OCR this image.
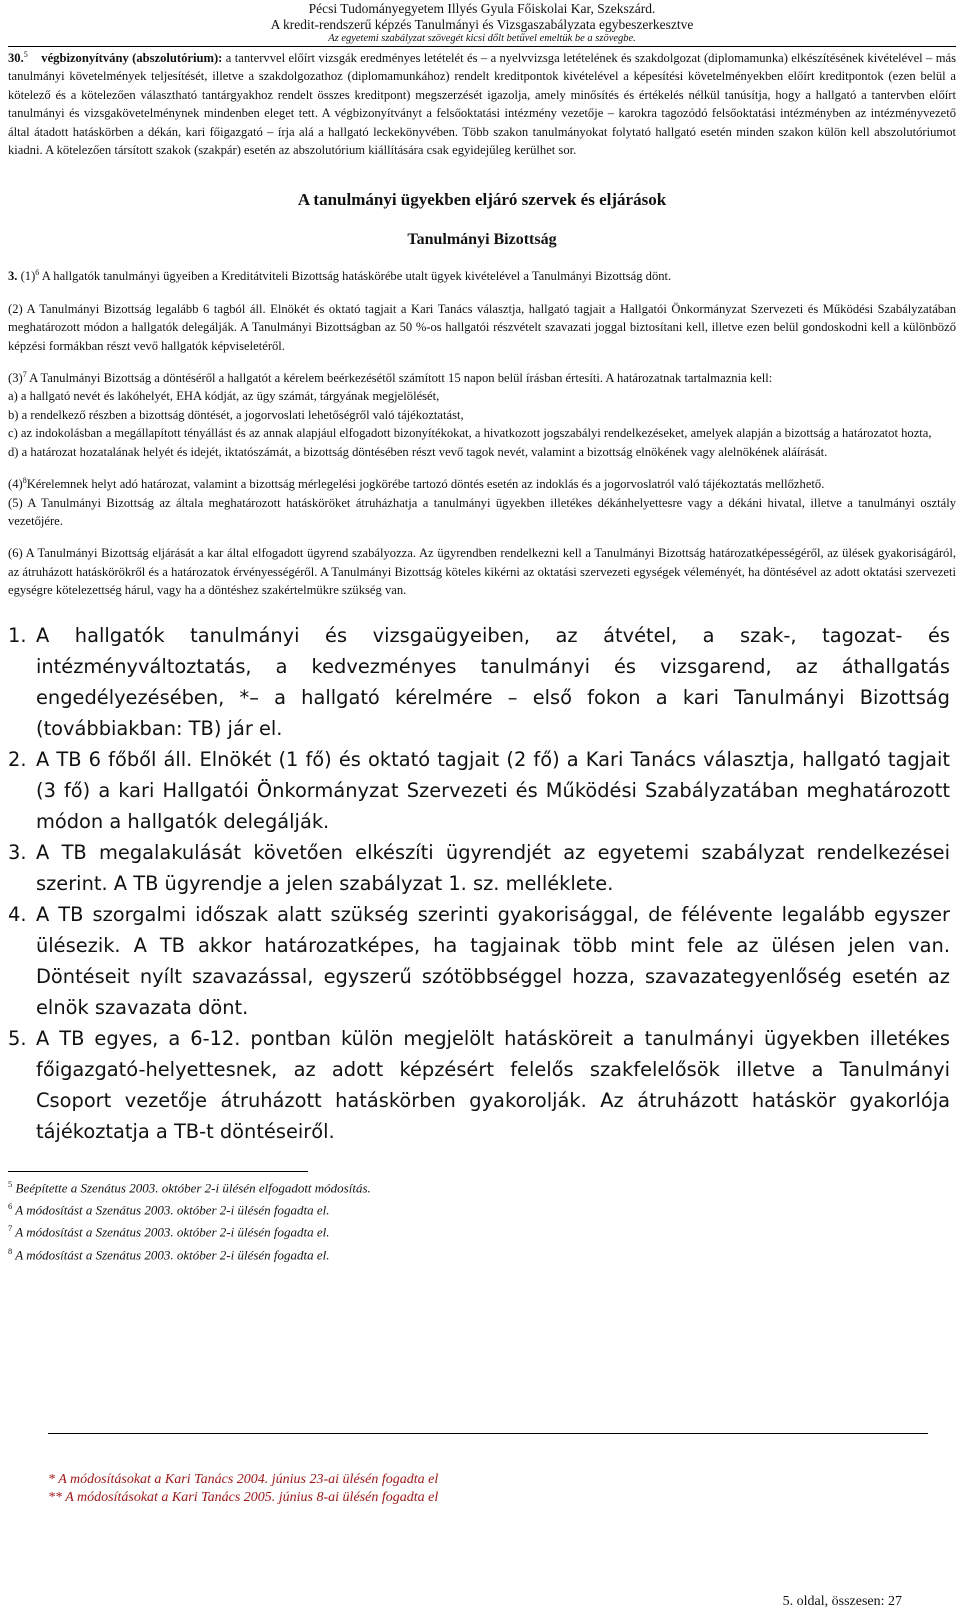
Pécsi Tudományegyetem Illyés Gyula Főiskolai Kar, Szekszárd.
A kredit-rendszerű képzés Tanulmányi és Vizsgaszabályzata egybeszerkesztve
Az egyetemi szabályzat szövegét kicsi dőlt betűvel emeltük be a szövegbe.

30.$^5$ végbizonyítvány (abszolutórium): a tantervvel előírt vizsgák eredményes letételét és – a nyelvvizsga letételének és szakdolgozat (diplomamunka) elkészítésének kivételével – más tanulmányi követelmények teljesítését, illetve a szakdolgozathoz (diplomamunkához) rendelt kreditpontok kivételével a képesítési követelményekben előírt kreditpontok (ezen belül a kötelező és a kötelezően választható tantárgyakhoz rendelt összes kreditpont) megszerzését igazolja, amely minősítés és értékelés nélkül tanúsítja, hogy a hallgató a tantervben előírt tanulmányi és vizsgakövetelménynek mindenben eleget tett. A végbizonyítványt a felsőoktatási intézmény vezetője – karokra tagozódó felsőoktatási intézményben az intézményvezető által átadott hatáskörben a dékán, kari főigazgató – írja alá a hallgató leckekönyvében. Több szakon tanulmányokat folytató hallgató esetén minden szakon külön kell abszolutóriumot kiadni. A kötelezően társított szakok (szakpár) esetén az abszolutórium kiállítására csak egyidejűleg kerülhet sor.

A tanulmányi ügyekben eljáró szervek és eljárások
Tanulmányi Bizottság

3. $(1)^6$ A hallgatók tanulmányi ügyeiben a Kreditátviteli Bizottság hatáskörébe utalt ügyek kivételével a Tanulmányi Bizottság dönt.

(2) A Tanulmányi Bizottság legalább 6 tagból áll. Elnökét és oktató tagjait a Kari Tanács választja, hallgató tagjait a Hallgatói Önkormányzat Szervezeti és Működési Szabályzatában meghatározott módon a hallgatók delegálják. A Tanulmányi Bizottságban az 50 %-os hallgatói részvételt szavazati joggal biztosítani kell, illetve ezen belül gondoskodni kell a különböző képzési formákban részt vevő hallgatók képviseletéről.

$(3)^7$ A Tanulmányi Bizottság a döntéséről a hallgatót a kérelem beérkezésétől számított 15 napon belül írásban értesíti. A határozatnak tartalmaznia kell:

a) a hallgató nevét és lakóhelyét, EHA kódját, az ügy számát, tárgyának megjelölését,

b) a rendelkező részben a bizottság döntését, a jogorvoslati lehetőségről való tájékoztatást,

c) az indokolásban a megállapított tényállást és az annak alapjául elfogadott bizonyítékokat, a hivatkozott jogszabályi rendelkezéseket, amelyek alapján a bizottság a határozatot hozta,

d) a határozat hozatalának helyét és idejét, iktatószámát, a bizottság döntésében részt vevő tagok nevét, valamint a bizottság elnökének vagy alelnökének aláírását.

$(4)^8Kérelemnek$ helyt adó határozat, valamint a bizottság mérlegelési jogkörébe tartozó döntés esetén az indoklás és a jogorvoslatról való tájékoztatás mellőzhető.

(5) A Tanulmányi Bizottság az általa meghatározott hatásköröket átruházhatja a tanulmányi ügyekben illetékes dékánhelyettesre vagy a dékáni hivatal, illetve a tanulmányi osztály vezetőjére.

(6) A Tanulmányi Bizottság eljárását a kar által elfogadott ügyrend szabályozza. Az ügyrendben rendelkezni kell a Tanulmányi Bizottság határozatképességéről, az ülések gyakoriságáról, az átruházott hatáskörökről és a határozatok érvényességéről. A Tanulmányi Bizottság köteles kikérni az oktatási szervezeti egységek véleményét, ha döntésével az adott oktatási szervezeti egységre kötelezettség hárul, vagy ha a döntéshez szakértelmükre szükség van.

1. A hallgatók tanulmányi és vizsgaügyeiben, az átvétel, a szak-, tagozat- és intézményváltoztatás, a kedvezményes tanulmányi és vizsgarend, az áthallgatás engedélyezésében, *– a hallgató kérelmére – első fokon a kari Tanulmányi Bizottság (továbbiakban: TB) jár el.
2. A TB 6 főből áll. Elnökét (1 fő) és oktató tagjait (2 fő) a Kari Tanács választja, hallgató tagjait (3 fő) a kari Hallgatói Önkormányzat Szervezeti és Működési Szabályzatában meghatározott módon a hallgatók delegálják.
3. A TB megalakulását követően elkészíti ügyrendjét az egyetemi szabályzat rendelkezései szerint. A TB ügyrendje a jelen szabályzat 1. sz. melléklete.
4. A TB szorgalmi időszak alatt szükség szerinti gyakorisággal, de félévente legalább egyszer ülésezik. A TB akkor határozatképes, ha tagjainak több mint fele az ülésen jelen van. Döntéseit nyílt szavazással, egyszerű szótöbbséggel hozza, szavazategyenlőség esetén az elnök szavazata dönt.
5. A TB egyes, a 6-12. pontban külön megjelölt hatásköreit a tanulmányi ügyekben illetékes főigazgató-helyettesnek, az adott képzésért felelős szakfelelősök illetve a Tanulmányi Csoport vezetője átruházott hatáskörben gyakorolják. Az átruházott hatáskör gyakorlója tájékoztatja a TB-t döntéseiről.
$^5$ Beépítette a Szenátus 2003. október 2-i ülésén elfogadott módosítás.
$^6$ A módosítást a Szenátus 2003. október 2-i ülésén fogadta el.
$^7$ A módosítást a Szenátus 2003. október 2-i ülésén fogadta el.
$^8$ A módosítást a Szenátus 2003. október 2-i ülésén fogadta el.
* A módosításokat a Kari Tanács 2004. június 23-ai ülésén fogadta el
** A módosításokat a Kari Tanács 2005. június 8-ai ülésén fogadta el
5. oldal, összesen: 27
